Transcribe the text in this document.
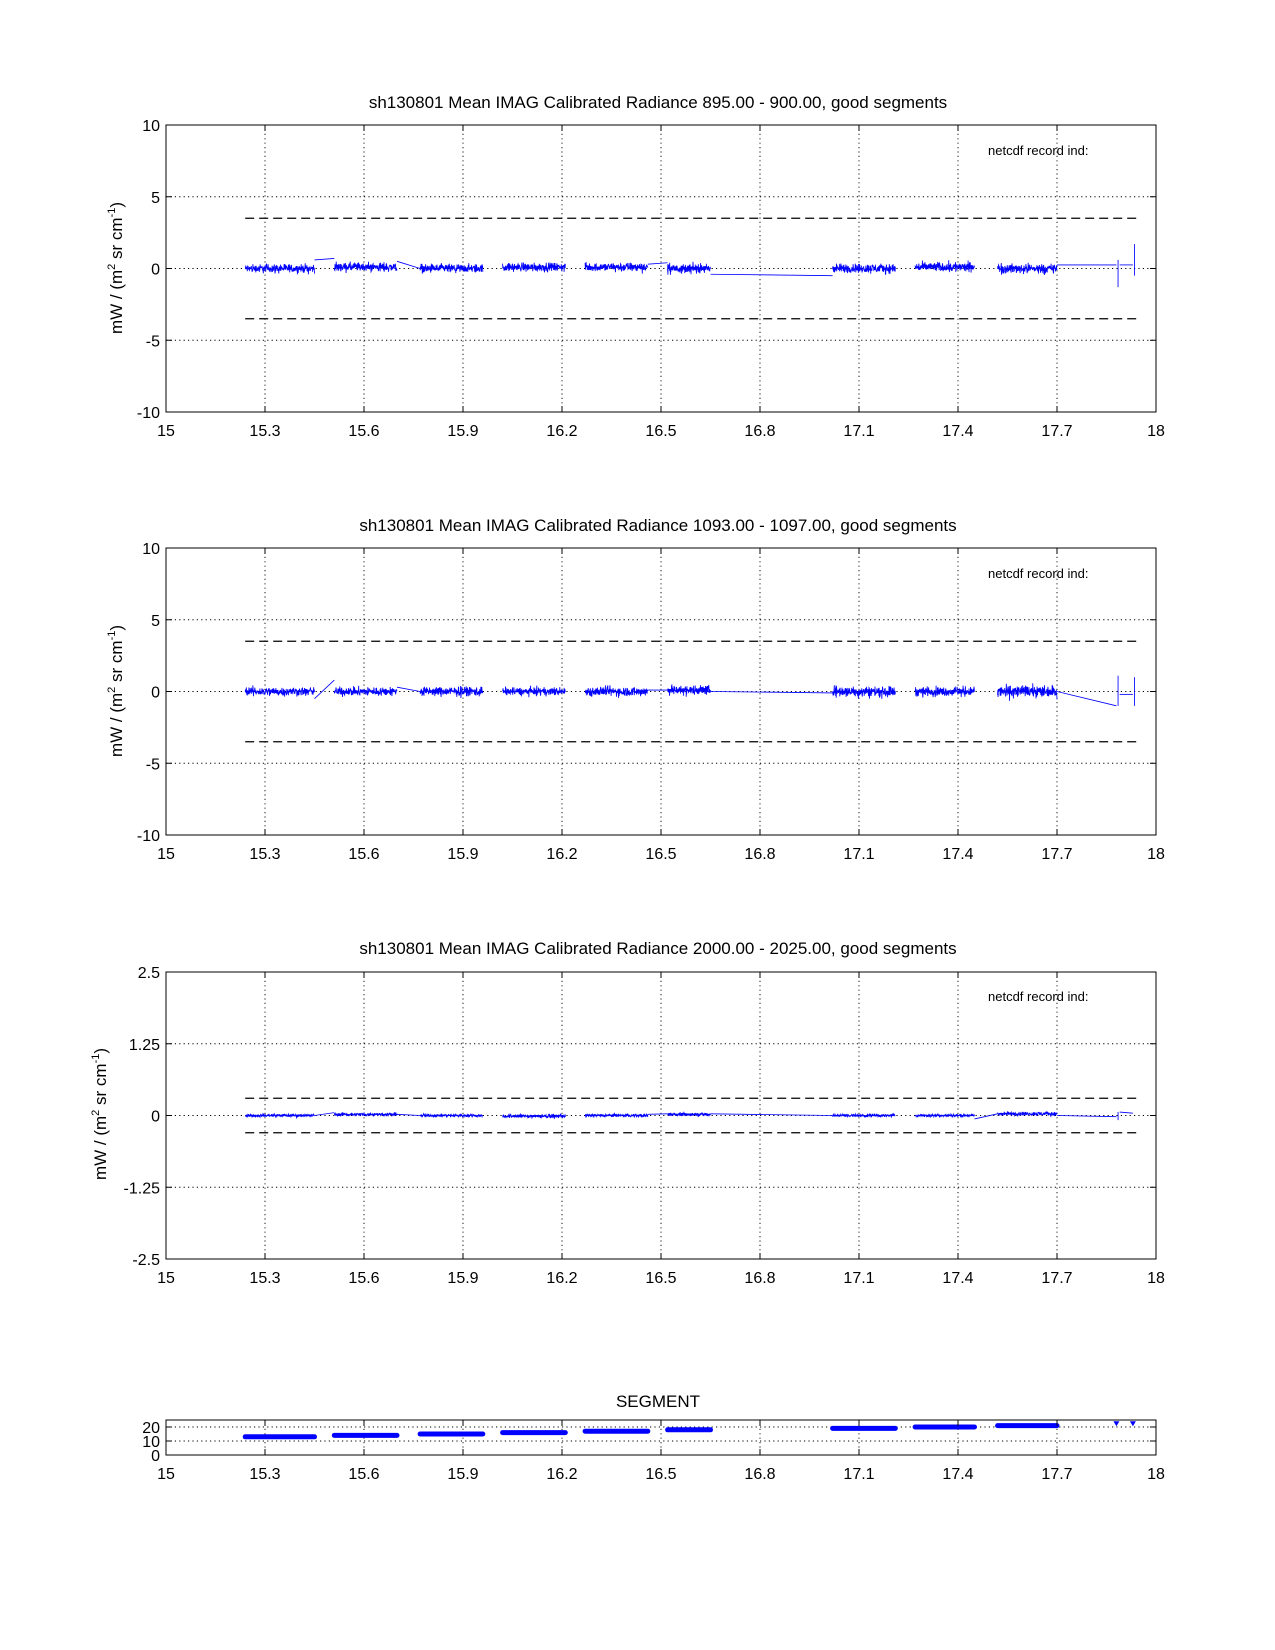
sh130801 Mean IMAG Calibrated Radiance 895.00 - 900.00, good segments
15	15.3	15.6	15.9	16.2	16.5	16.8	17.1	17.4	17.7	18
-10
-5
0
5
10
netcdf record ind:
mW / ($m^2$ sr $cm^{-1}$)
sh130801 Mean IMAG Calibrated Radiance 1093.00 - 1097.00, good segments
15	15.3	15.6	15.9	16.2	16.5	16.8	17.1	17.4	17.7	18
-10
-5
0
5
10
netcdf record ind:
mW / ($m^2$ sr $cm^{-1}$)
sh130801 Mean IMAG Calibrated Radiance 2000.00 - 2025.00, good segments
15	15.3	15.6	15.9	16.2	16.5	16.8	17.1	17.4	17.7	18
-2.5
-1.25
0
1.25
2.5
netcdf record ind:
mW / ($m^2$ sr $cm^{-1}$)
SEGMENT
15	15.3	15.6	15.9	16.2	16.5	16.8	17.1	17.4	17.7	18
0
10
20
